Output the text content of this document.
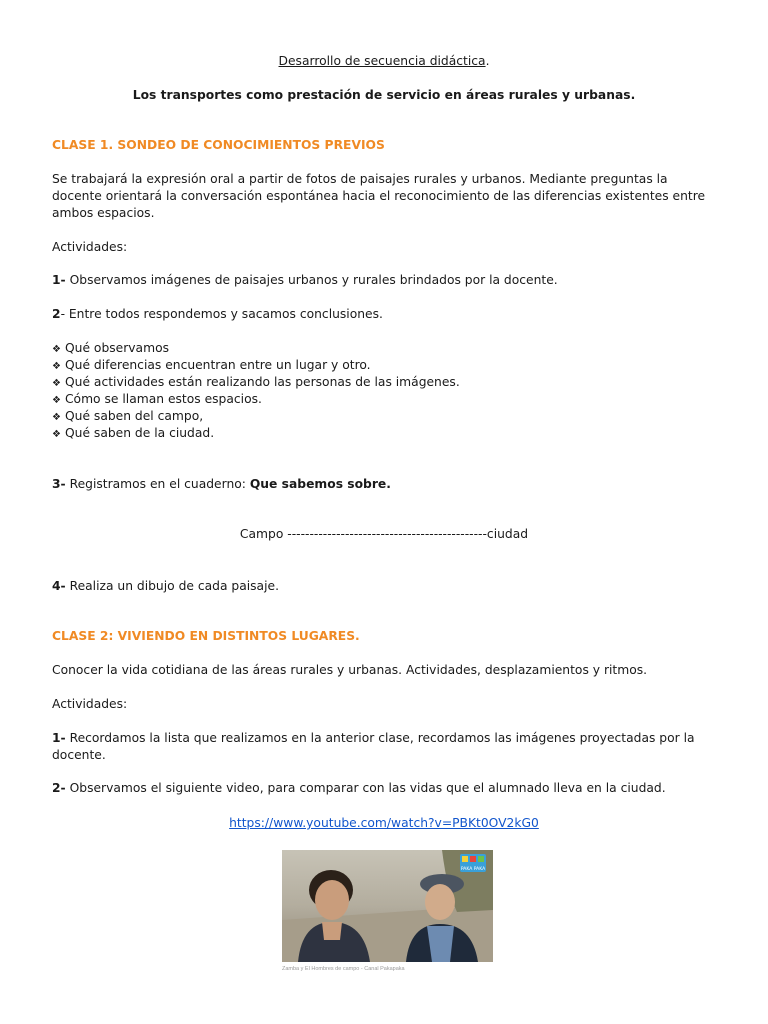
Desarrollo de secuencia didáctica.
Los transportes como prestación de servicio en áreas rurales y urbanas.
CLASE 1. SONDEO DE CONOCIMIENTOS PREVIOS
Se trabajará la expresión oral a partir de fotos de paisajes rurales y urbanos. Mediante preguntas la docente orientará la conversación espontánea hacia el reconocimiento de las diferencias existentes entre ambos espacios.
Actividades:
1- Observamos imágenes de paisajes urbanos y rurales brindados por la docente.
2- Entre todos respondemos y sacamos conclusiones.
❖ Qué observamos
❖ Qué diferencias encuentran entre un lugar y otro.
❖ Qué actividades están realizando las personas de las imágenes.
❖ Cómo se llaman estos espacios.
❖ Qué saben del campo,
❖ Qué saben de la ciudad.
3- Registramos en el cuaderno: Que sabemos sobre.
Campo ---------------------------------------------ciudad
4- Realiza un dibujo de cada paisaje.
CLASE 2: VIVIENDO EN DISTINTOS LUGARES.
Conocer la vida cotidiana de las áreas rurales y urbanas. Actividades, desplazamientos y ritmos.
Actividades:
1- Recordamos la lista que realizamos en la anterior clase, recordamos las imágenes proyectadas por la docente.
2- Observamos el siguiente video, para comparar con las vidas que el alumnado lleva en la ciudad.
https://www.youtube.com/watch?v=PBKt0OV2kG0
PAKA PAKA
Zamba y El Hombres de campo - Canal Pakapaka
